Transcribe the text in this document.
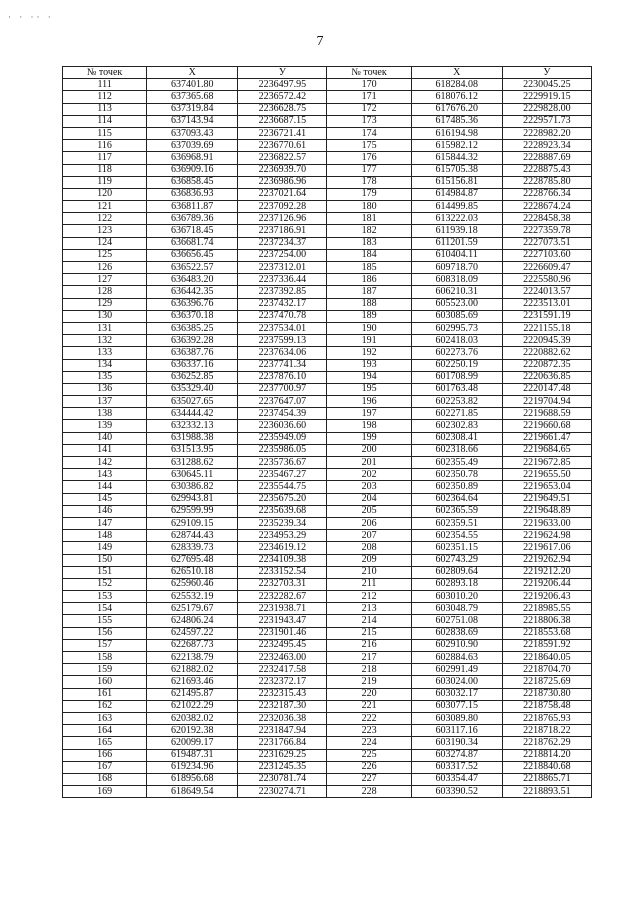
· · ·· ·
7
№ точек	X	У	№ точек	X	У
111	637401.80	2236497.95	170	618284.08	2230045.25
112	637365.68	2236572.42	171	618076.12	2229919.15
113	637319.84	2236628.75	172	617676.20	2229828.00
114	637143.94	2236687.15	173	617485.36	2229571.73
115	637093.43	2236721.41	174	616194.98	2228982.20
116	637039.69	2236770.61	175	615982.12	2228923.34
117	636968.91	2236822.57	176	615844.32	2228887.69
118	636909.16	2236939.70	177	615705.38	2228875.43
119	636858.45	2236986.96	178	615156.81	2228785.80
120	636836.93	2237021.64	179	614984.87	2228766.34
121	636811.87	2237092.28	180	614499.85	2228674.24
122	636789.36	2237126.96	181	613222.03	2228458.38
123	636718.45	2237186.91	182	611939.18	2227359.78
124	636681.74	2237234.37	183	611201.59	2227073.51
125	636656.45	2237254.00	184	610404.11	2227103.60
126	636522.57	2237312.01	185	609718.70	2226609.47
127	636483.20	2237336.44	186	608318.09	2225580.96
128	636442.35	2237392.85	187	606210.31	2224013.57
129	636396.76	2237432.17	188	605523.00	2223513.01
130	636370.18	2237470.78	189	603085.69	2231591.19
131	636385.25	2237534.01	190	602995.73	2221155.18
132	636392.28	2237599.13	191	602418.03	2220945.39
133	636387.76	2237634.06	192	602273.76	2220882.62
134	636337.16	2237741.34	193	602250.19	2220872.35
135	636252.85	2237876.10	194	601708.99	2220636.85
136	635329.40	2237700.97	195	601763.48	2220147.48
137	635027.65	2237647.07	196	602253.82	2219704.94
138	634444.42	2237454.39	197	602271.85	2219688.59
139	632332.13	2236036.60	198	602302.83	2219660.68
140	631988.38	2235949.09	199	602308.41	2219661.47
141	631513.95	2235986.05	200	602318.66	2219684.65
142	631288.62	2235736.67	201	602355.49	2219672.85
143	630645.11	2235467.27	202	602350.78	2219655.50
144	630386.82	2235544.75	203	602350.89	2219653.04
145	629943.81	2235675.20	204	602364.64	2219649.51
146	629599.99	2235639.68	205	602365.59	2219648.89
147	629109.15	2235239.34	206	602359.51	2219633.00
148	628744.43	2234953.29	207	602354.55	2219624.98
149	628339.73	2234619.12	208	602351.15	2219617.06
150	627695.48	2234109.38	209	602743.29	2219262.94
151	626510.18	2233152.54	210	602809.64	2219212.20
152	625960.46	2232703.31	211	602893.18	2219206.44
153	625532.19	2232282.67	212	603010.20	2219206.43
154	625179.67	2231938.71	213	603048.79	2218985.55
155	624806.24	2231943.47	214	602751.08	2218806.38
156	624597.22	2231901.46	215	602838.69	2218553.68
157	622687.73	2232495.45	216	602910.90	2218591.92
158	622138.79	2232463.00	217	602884.63	2218640.05
159	621882.02	2232417.58	218	602991.49	2218704.70
160	621693.46	2232372.17	219	603024.00	2218725.69
161	621495.87	2232315.43	220	603032.17	2218730.80
162	621022.29	2232187.30	221	603077.15	2218758.48
163	620382.02	2232036.38	222	603089.80	2218765.93
164	620192.38	2231847.94	223	603117.16	2218718.22
165	620099.17	2231766.84	224	603190.34	2218762.29
166	619487.31	2231629.25	225	603274.87	2218814.20
167	619234.96	2231245.35	226	603317.52	2218840.68
168	618956.68	2230781.74	227	603354.47	2218865.71
169	618649.54	2230274.71	228	603390.52	2218893.51
